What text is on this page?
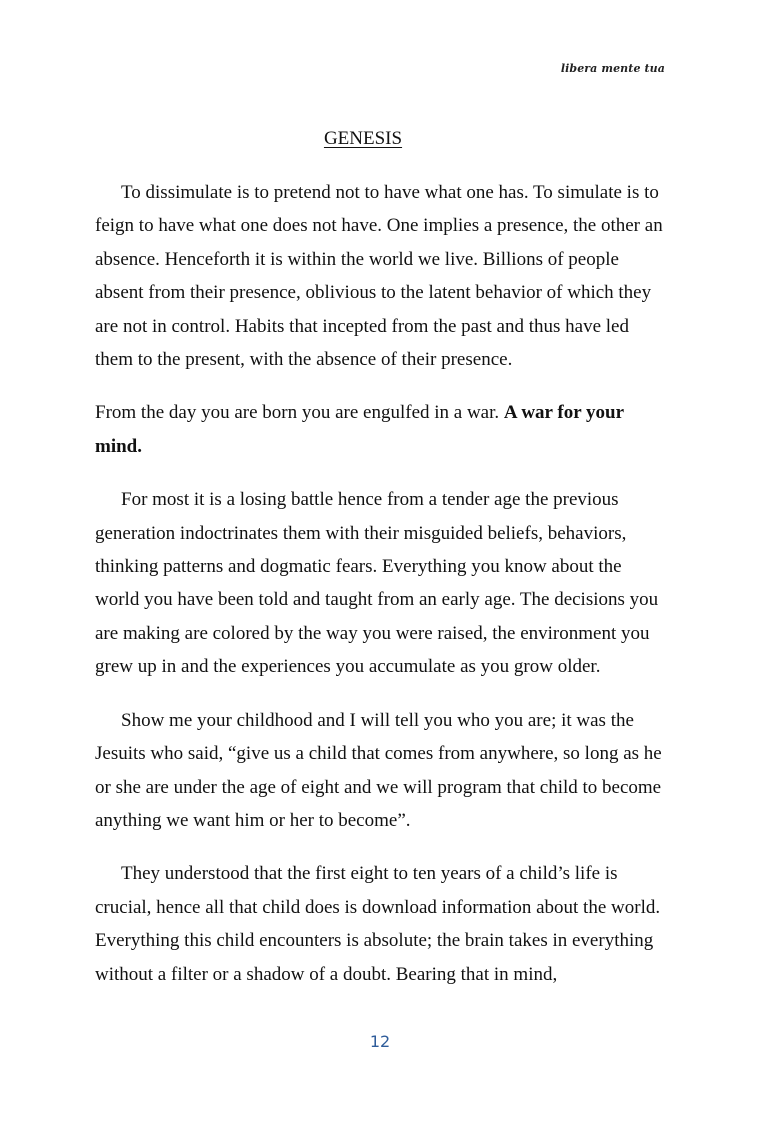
libera mente tua
GENESIS

To dissimulate is to pretend not to have what one has. To simulate is to feign to have what one does not have. One implies a presence, the other an absence. Henceforth it is within the world we live. Billions of people absent from their presence, oblivious to the latent behavior of which they are not in control. Habits that incepted from the past and thus have led them to the present, with the absence of their presence.

From the day you are born you are engulfed in a war. A war for your mind.

For most it is a losing battle hence from a tender age the previous generation indoctrinates them with their misguided beliefs, behaviors, thinking patterns and dogmatic fears. Everything you know about the world you have been told and taught from an early age. The decisions you are making are colored by the way you were raised, the environment you grew up in and the experiences you accumulate as you grow older.

Show me your childhood and I will tell you who you are; it was the Jesuits who said, “give us a child that comes from anywhere, so long as he or she are under the age of eight and we will program that child to become anything we want him or her to become”.

They understood that the first eight to ten years of a child’s life is crucial, hence all that child does is download information about the world. Everything this child encounters is absolute; the brain takes in everything without a filter or a shadow of a doubt. Bearing that in mind,

12
